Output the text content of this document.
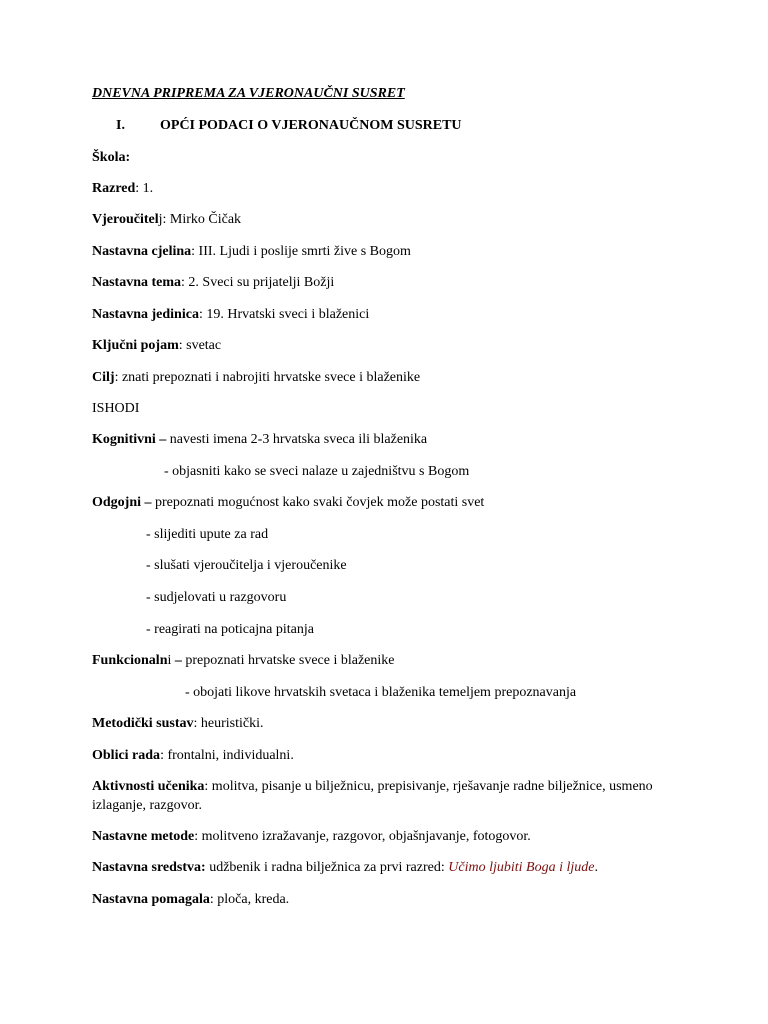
DNEVNA PRIPREMA ZA VJERONAUČNI SUSRET
I.	OPĆI PODACI O VJERONAUČNOM SUSRETU
Škola:
Razred: 1.
Vjeroučitelj: Mirko Čičak
Nastavna cjelina: III. Ljudi i poslije smrti žive s Bogom
Nastavna tema: 2. Sveci su prijatelji Božji
Nastavna jedinica: 19. Hrvatski sveci i blaženici
Ključni pojam: svetac
Cilj: znati prepoznati i nabrojiti hrvatske svece i blaženike
ISHODI
Kognitivni – navesti imena 2-3 hrvatska sveca ili blaženika
- objasniti kako se sveci nalaze u zajedništvu s Bogom
Odgojni – prepoznati mogućnost kako svaki čovjek može postati svet
- slijediti upute za rad
- slušati vjeroučitelja i vjeroučenike
- sudjelovati u razgovoru
- reagirati na poticajna pitanja
Funkcionalni – prepoznati hrvatske svece i blaženike
- obojati likove hrvatskih svetaca i blaženika temeljem prepoznavanja
Metodički sustav: heuristički.
Oblici rada: frontalni, individualni.
Aktivnosti učenika: molitva, pisanje u bilježnicu, prepisivanje, rješavanje radne bilježnice, usmeno izlaganje, razgovor.
Nastavne metode: molitveno izražavanje, razgovor, objašnjavanje, fotogovor.
Nastavna sredstva: udžbenik i radna bilježnica za prvi razred: Učimo ljubiti Boga i ljude.
Nastavna pomagala: ploča, kreda.
